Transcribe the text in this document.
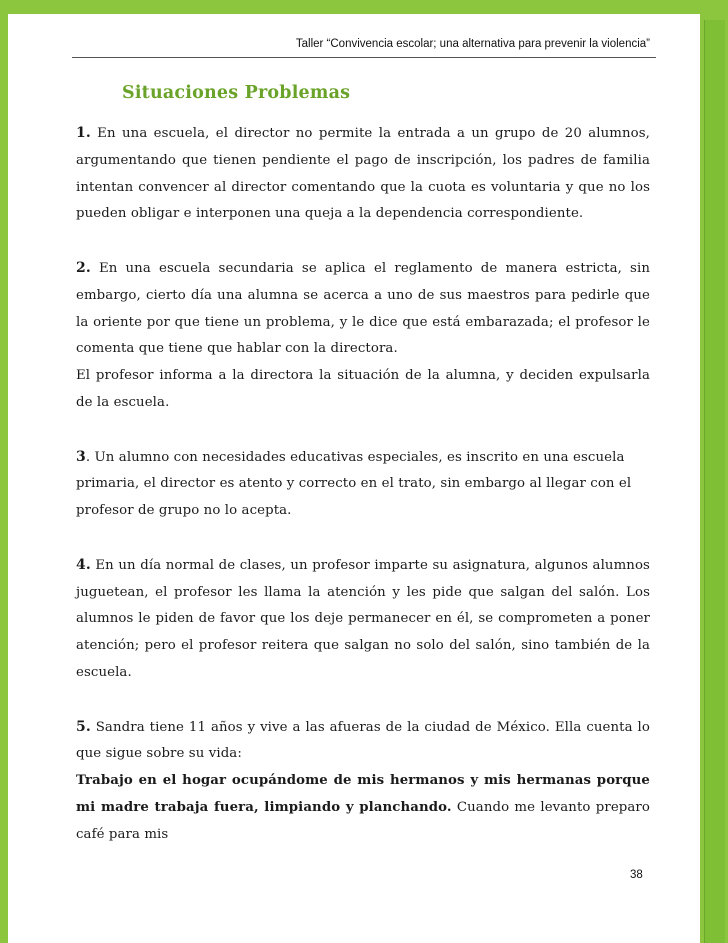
Taller “Convivencia escolar; una alternativa para prevenir la violencia”
Situaciones Problemas

1. En una escuela, el director no permite la entrada a un grupo de 20 alumnos, argumentando que tienen pendiente el pago de inscripción, los padres de familia intentan convencer al director comentando que la cuota es voluntaria y que no los pueden obligar e interponen una queja a la dependencia correspondiente.

2. En una escuela secundaria se aplica el reglamento de manera estricta, sin embargo, cierto día una alumna se acerca a uno de sus maestros para pedirle que la oriente por que tiene un problema, y le dice que está embarazada; el profesor le comenta que tiene que hablar con la directora.

El profesor informa a la directora la situación de la alumna, y deciden expulsarla de la escuela.

3. Un alumno con necesidades educativas especiales, es inscrito en una escuela primaria, el director es atento y correcto en el trato, sin embargo al llegar con el profesor de grupo no lo acepta.

4. En un día normal de clases, un profesor imparte su asignatura, algunos alumnos juguetean, el profesor les llama la atención y les pide que salgan del salón. Los alumnos le piden de favor que los deje permanecer en él, se comprometen a poner atención; pero el profesor reitera que salgan no solo del salón, sino también de la escuela.

5. Sandra tiene 11 años y vive a las afueras de la ciudad de México. Ella cuenta lo que sigue sobre su vida:

Trabajo en el hogar ocupándome de mis hermanos y mis hermanas porque mi madre trabaja fuera, limpiando y planchando. Cuando me levanto preparo café para mis

38
